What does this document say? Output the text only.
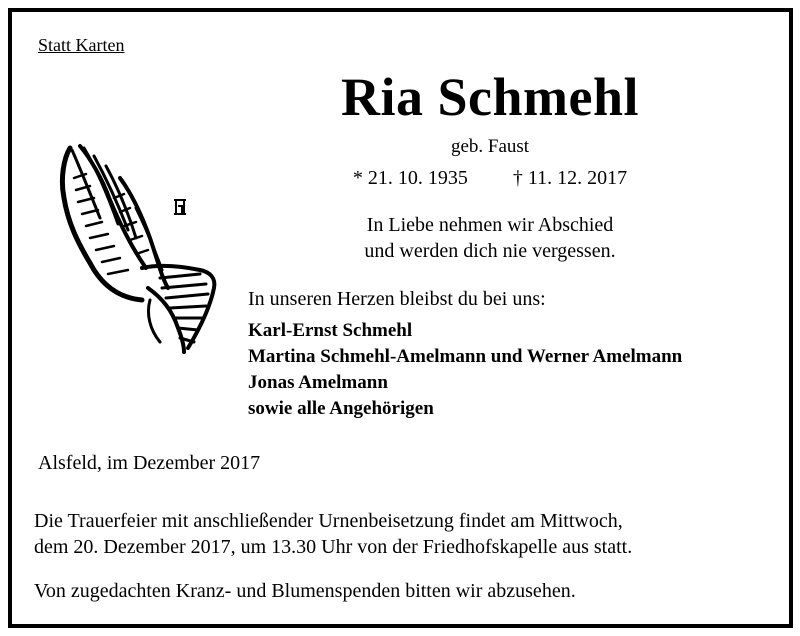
Statt Karten
Ria Schmehl
geb. Faust
* 21. 10. 1935 † 11. 12. 2017
In Liebe nehmen wir Abschied
und werden dich nie vergessen.
In unseren Herzen bleibst du bei uns:
Karl-Ernst Schmehl
Martina Schmehl-Amelmann und Werner Amelmann
Jonas Amelmann
sowie alle Angehörigen
Alsfeld, im Dezember 2017
Die Trauerfeier mit anschließender Urnenbeisetzung findet am Mittwoch,
dem 20. Dezember 2017, um 13.30 Uhr von der Friedhofskapelle aus statt.
Von zugedachten Kranz- und Blumenspenden bitten wir abzusehen.
